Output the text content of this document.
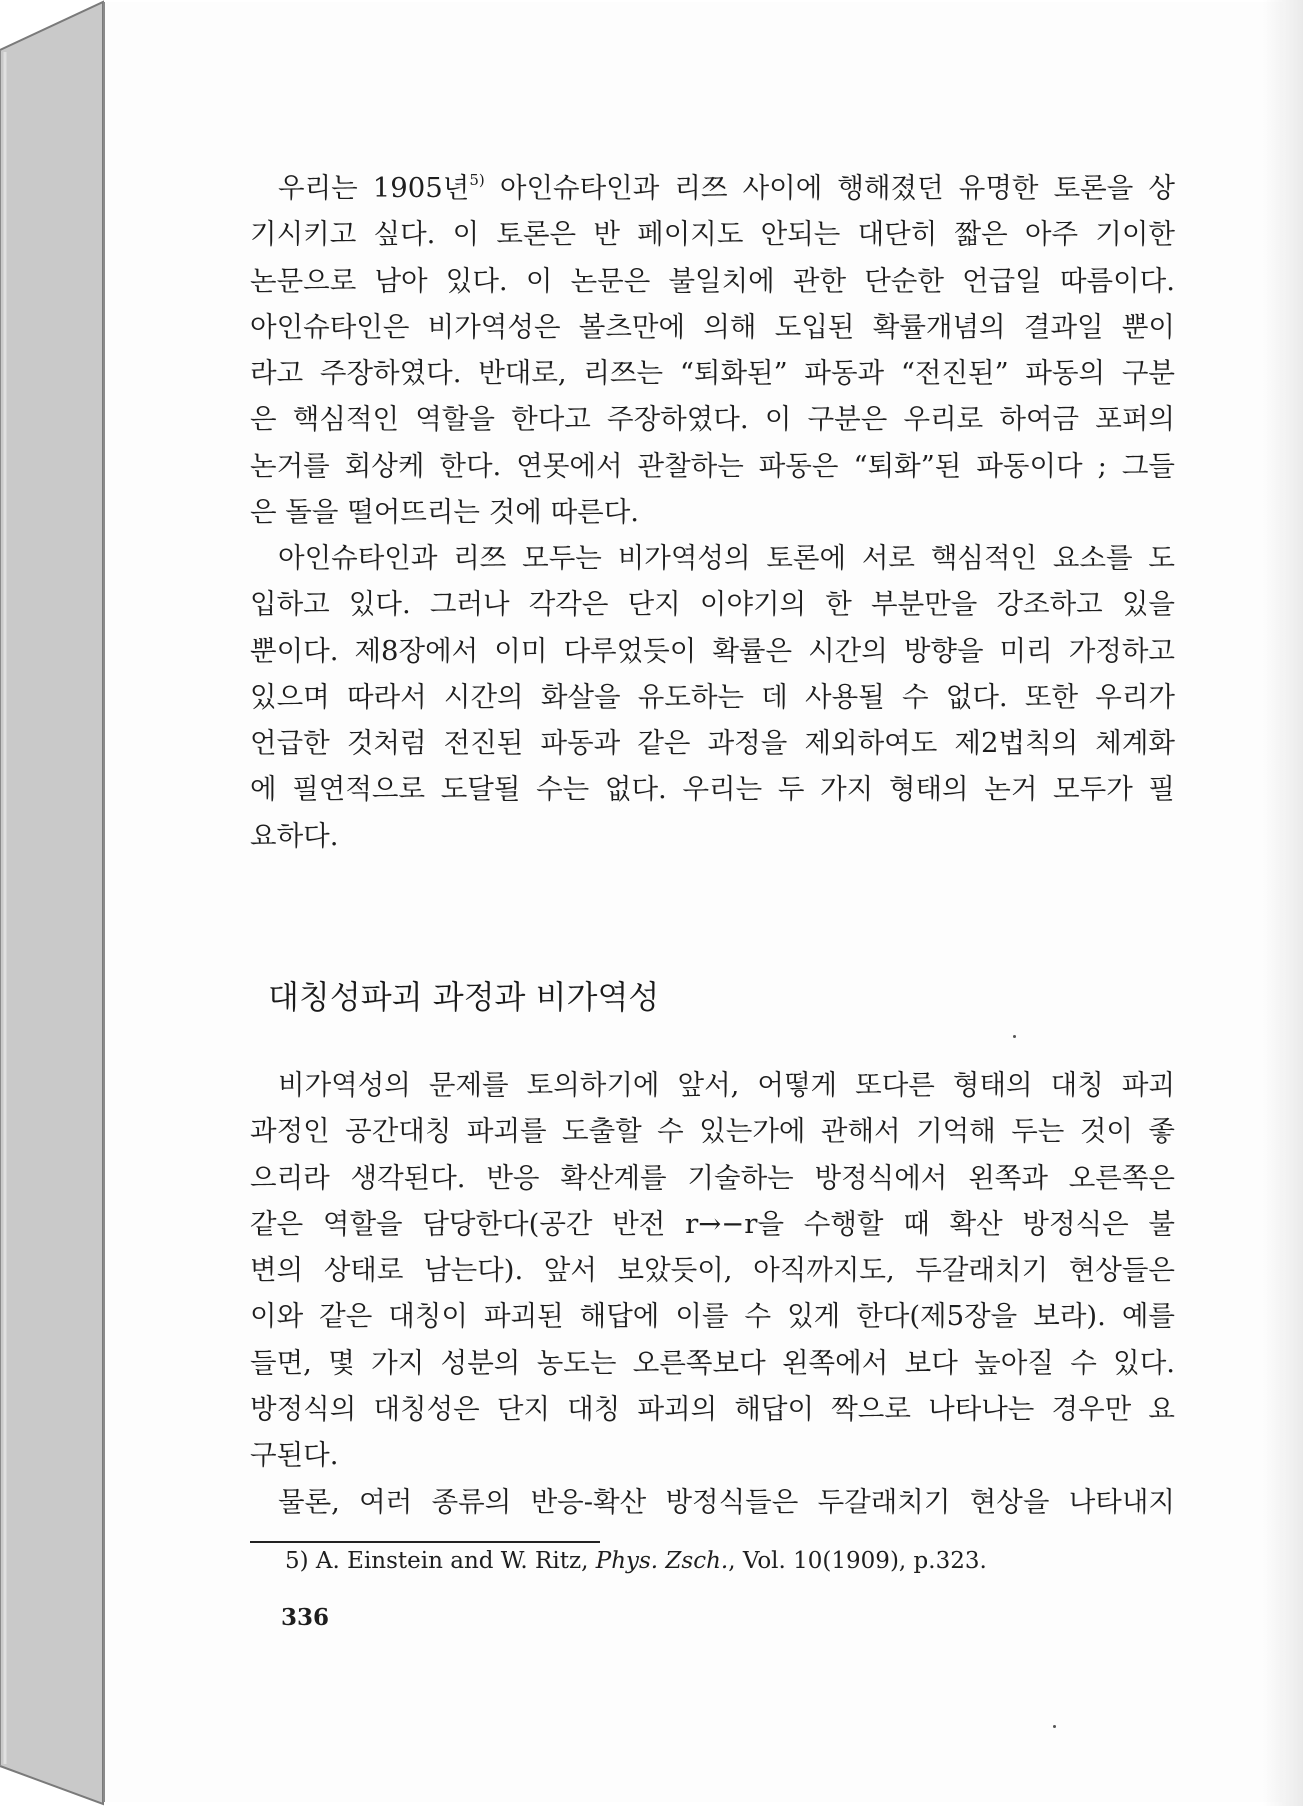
우리는 1905년$^{5)}$ 아인슈타인과 리쯔 사이에 행해졌던 유명한 토론을 상
기시키고 싶다. 이 토론은 반 페이지도 안되는 대단히 짧은 아주 기이한
논문으로 남아 있다. 이 논문은 불일치에 관한 단순한 언급일 따름이다.
아인슈타인은 비가역성은 볼츠만에 의해 도입된 확률개념의 결과일 뿐이
라고 주장하였다. 반대로, 리쯔는 “퇴화된” 파동과 “전진된” 파동의 구분
은 핵심적인 역할을 한다고 주장하였다. 이 구분은 우리로 하여금 포퍼의
논거를 회상케 한다. 연못에서 관찰하는 파동은 “퇴화”된 파동이다 ; 그들
은 돌을 떨어뜨리는 것에 따른다.
아인슈타인과 리쯔 모두는 비가역성의 토론에 서로 핵심적인 요소를 도
입하고 있다. 그러나 각각은 단지 이야기의 한 부분만을 강조하고 있을
뿐이다. 제8장에서 이미 다루었듯이 확률은 시간의 방향을 미리 가정하고
있으며 따라서 시간의 화살을 유도하는 데 사용될 수 없다. 또한 우리가
언급한 것처럼 전진된 파동과 같은 과정을 제외하여도 제2법칙의 체계화
에 필연적으로 도달될 수는 없다. 우리는 두 가지 형태의 논거 모두가 필
요하다.
대칭성파괴 과정과 비가역성
비가역성의 문제를 토의하기에 앞서, 어떻게 또다른 형태의 대칭 파괴
과정인 공간대칭 파괴를 도출할 수 있는가에 관해서 기억해 두는 것이 좋
으리라 생각된다. 반응 확산계를 기술하는 방정식에서 왼쪽과 오른쪽은
같은 역할을 담당한다(공간 반전 r→−r을 수행할 때 확산 방정식은 불
변의 상태로 남는다). 앞서 보았듯이, 아직까지도, 두갈래치기 현상들은
이와 같은 대칭이 파괴된 해답에 이를 수 있게 한다(제5장을 보라). 예를
들면, 몇 가지 성분의 농도는 오른쪽보다 왼쪽에서 보다 높아질 수 있다.
방정식의 대칭성은 단지 대칭 파괴의 해답이 짝으로 나타나는 경우만 요
구된다.
물론, 여러 종류의 반응-확산 방정식들은 두갈래치기 현상을 나타내지
5) A. Einstein and W. Ritz, Phys. Zsch., Vol. 10(1909), p.323.
336
